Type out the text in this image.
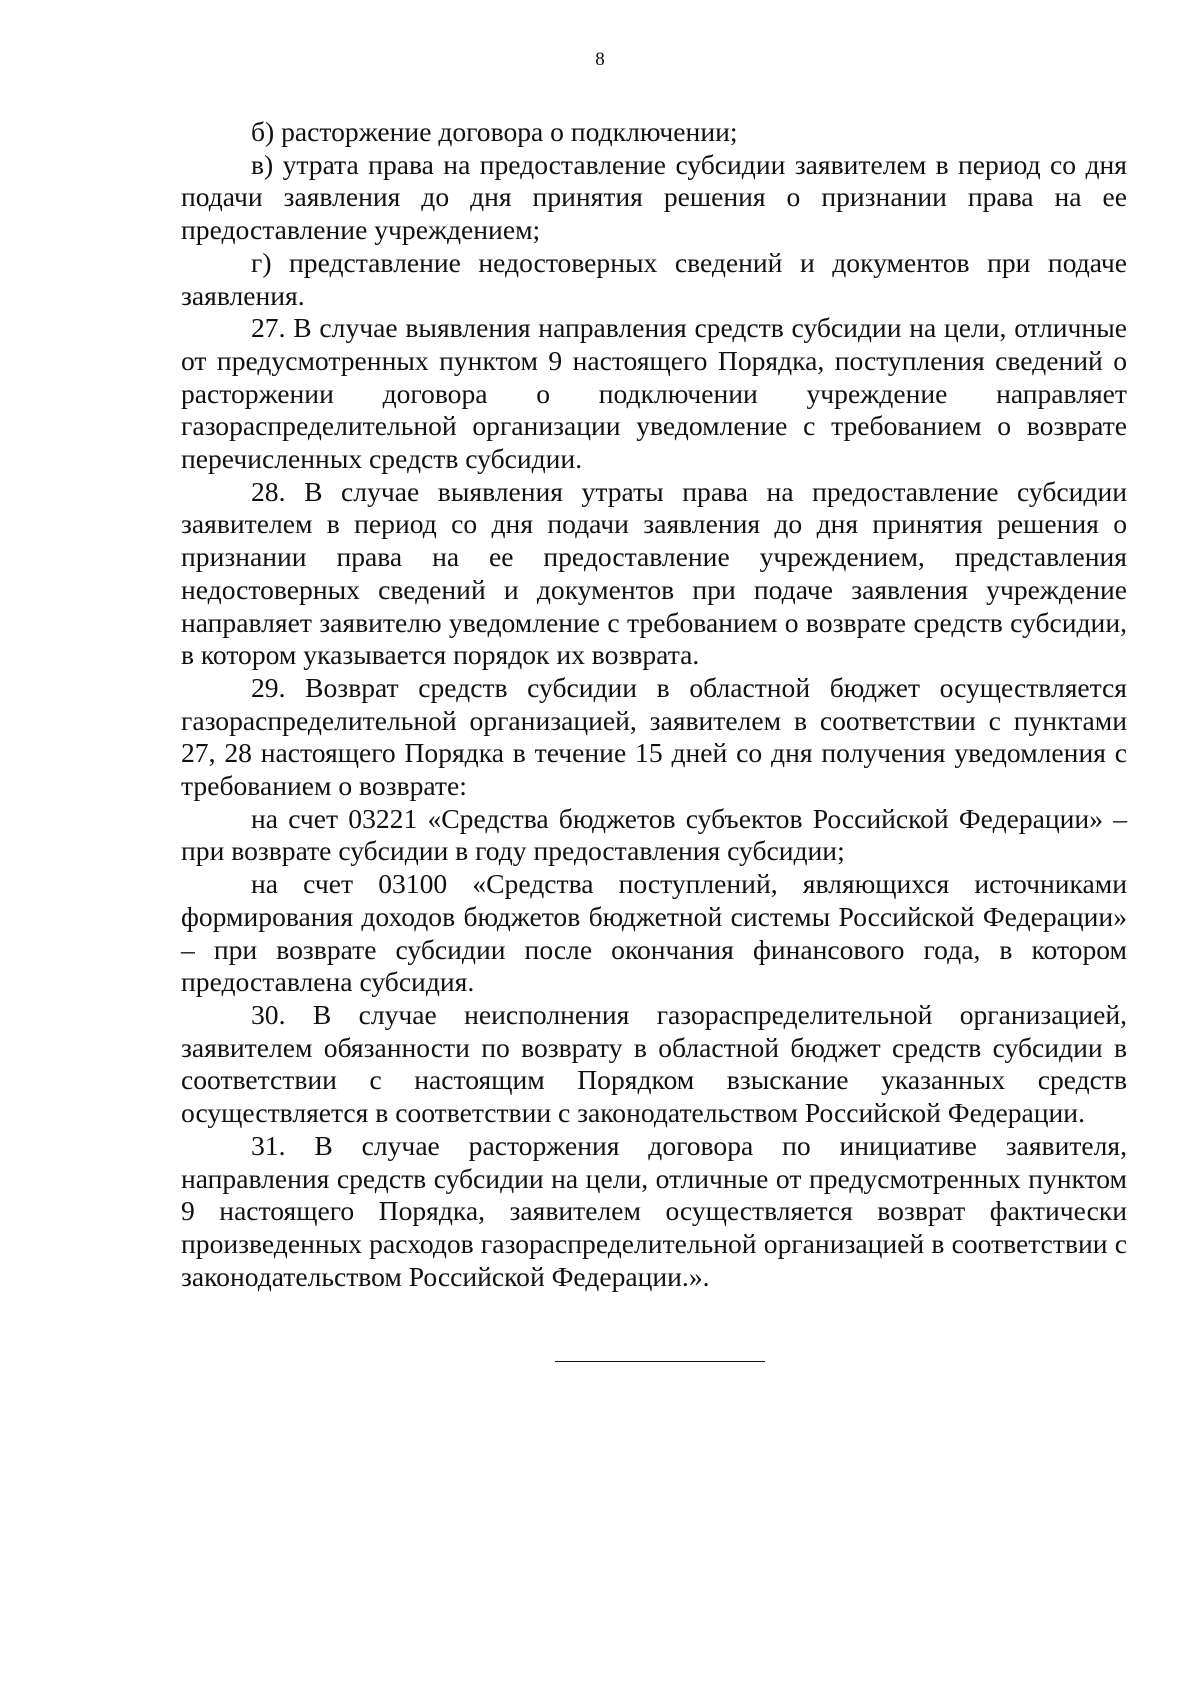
8

б) расторжение договора о подключении;

в) утрата права на предоставление субсидии заявителем в период со дня подачи заявления до дня принятия решения о признании права на ее предоставление учреждением;

г) представление недостоверных сведений и документов при подаче заявления.

27. В случае выявления направления средств субсидии на цели, отличные от предусмотренных пунктом 9 настоящего Порядка, поступления сведений о расторжении договора о подключении учреждение направляет газораспределительной организации уведомление с требованием о возврате перечисленных средств субсидии.

28. В случае выявления утраты права на предоставление субсидии заявителем в период со дня подачи заявления до дня принятия решения о признании права на ее предоставление учреждением, представления недостоверных сведений и документов при подаче заявления учреждение направляет заявителю уведомление с требованием о возврате средств субсидии, в котором указывается порядок их возврата.

29. Возврат средств субсидии в областной бюджет осуществляется газораспределительной организацией, заявителем в соответствии с пунктами 27, 28 настоящего Порядка в течение 15 дней со дня получения уведомления с требованием о возврате:

на счет 03221 «Средства бюджетов субъектов Российской Федерации» – при возврате субсидии в году предоставления субсидии;

на счет 03100 «Средства поступлений, являющихся источниками формирования доходов бюджетов бюджетной системы Российской Федерации» – при возврате субсидии после окончания финансового года, в котором предоставлена субсидия.

30. В случае неисполнения газораспределительной организацией, заявителем обязанности по возврату в областной бюджет средств субсидии в соответствии с настоящим Порядком взыскание указанных средств осуществляется в соответствии с законодательством Российской Федерации.

31. В случае расторжения договора по инициативе заявителя, направления средств субсидии на цели, отличные от предусмотренных пунктом 9 настоящего Порядка, заявителем осуществляется возврат фактически произведенных расходов газораспределительной организацией в соответствии с законодательством Российской Федерации.».
